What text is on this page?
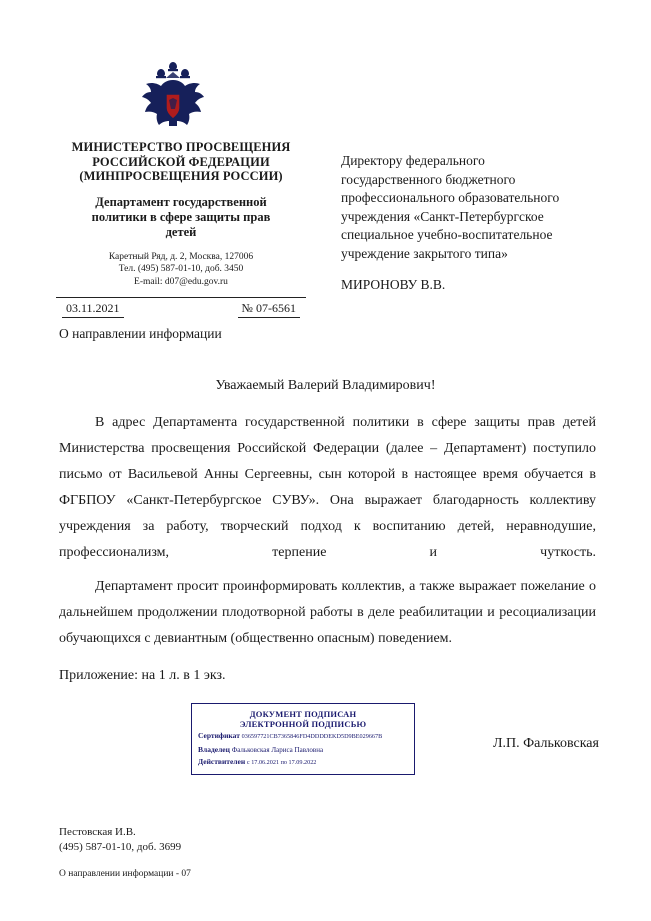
МИНИСТЕРСТВО ПРОСВЕЩЕНИЯ
РОССИЙСКОЙ ФЕДЕРАЦИИ
(МИНПРОСВЕЩЕНИЯ РОССИИ)
Департамент государственной
политики в сфере защиты прав
детей
Каретный Ряд, д. 2, Москва, 127006
Тел. (495) 587-01-10, доб. 3450
E-mail: d07@edu.gov.ru
03.11.2021	№ 07-6561
О направлении информации
Директору федерального
государственного бюджетного
профессионального образовательного
учреждения «Санкт-Петербургское
специальное учебно-воспитательное
учреждение закрытого типа»
МИРОНОВУ В.В.
Уважаемый Валерий Владимирович!

В адрес Департамента государственной политики в сфере защиты прав детей Министерства просвещения Российской Федерации (далее – Департамент) поступило письмо от Васильевой Анны Сергеевны, сын которой в настоящее время обучается в ФГБПОУ «Санкт-Петербургское СУВУ». Она выражает благодарность коллективу учреждения за работу, творческий подход к воспитанию детей, неравнодушие, профессионализм, терпение и чуткость.

Департамент просит проинформировать коллектив, а также выражает пожелание о дальнейшем продолжении плодотворной работы в деле реабилитации и ресоциализации обучающихся с девиантным (общественно опасным) поведением.

Приложение: на 1 л. в 1 экз.
ДОКУМЕНТ ПОДПИСАН
ЭЛЕКТРОННОЙ ПОДПИСЬЮ
Сертификат 036597721СВ7365846FD4DDDDEKD5D9BE029667B
Владелец Фальковская Лариса Павловна
Действителен с 17.06.2021 по 17.09.2022
Л.П. Фальковская
Пестовская И.В.
(495) 587-01-10, доб. 3699
О направлении информации - 07
